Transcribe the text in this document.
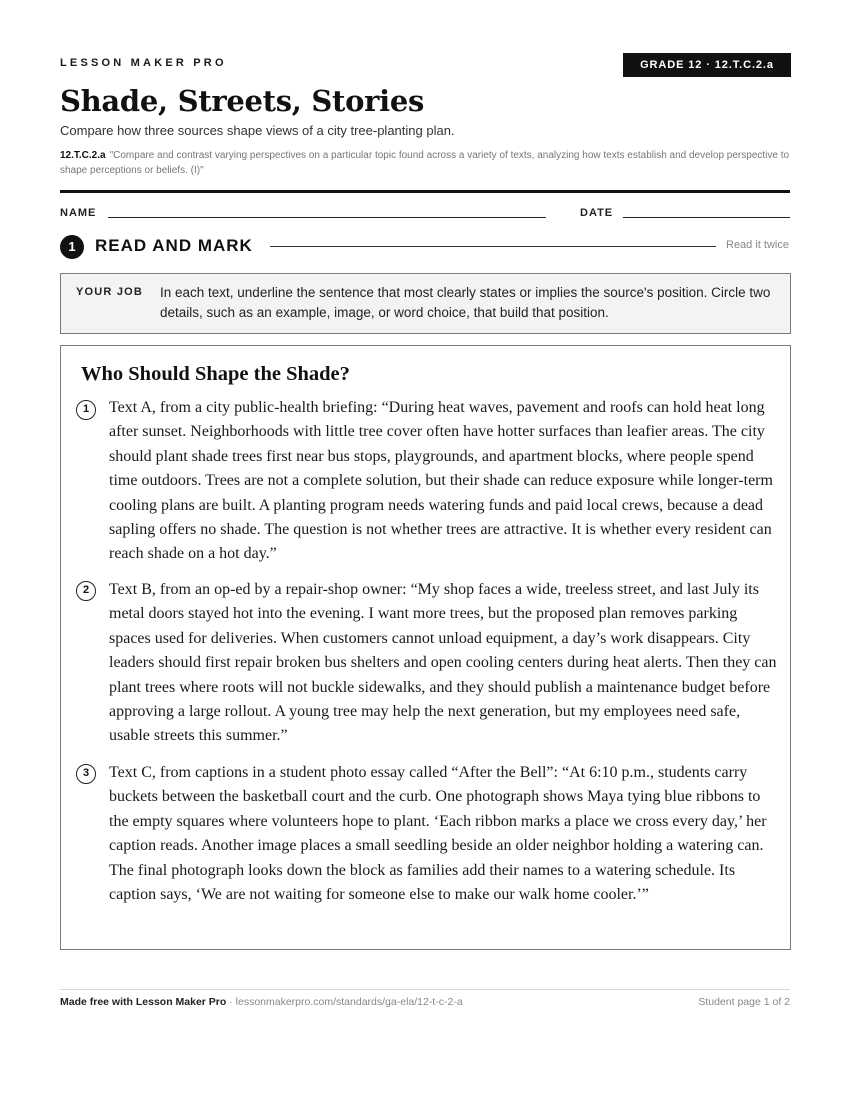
LESSON MAKER PRO	GRADE 12 · 12.T.C.2.a
Shade, Streets, Stories
Compare how three sources shape views of a city tree-planting plan.
12.T.C.2.a "Compare and contrast varying perspectives on a particular topic found across a variety of texts, analyzing how texts establish and develop perspective to shape perceptions or beliefs. (I)"
NAME	DATE
1	READ AND MARK	Read it twice
YOUR JOB In each text, underline the sentence that most clearly states or implies the source's position. Circle two details, such as an example, image, or word choice, that build that position.
Who Should Shape the Shade?
1	Text A, from a city public-health briefing: “During heat waves, pavement and roofs can hold heat long after sunset. Neighborhoods with little tree cover often have hotter surfaces than leafier areas. The city should plant shade trees first near bus stops, playgrounds, and apartment blocks, where people spend time outdoors. Trees are not a complete solution, but their shade can reduce exposure while longer-term cooling plans are built. A planting program needs watering funds and paid local crews, because a dead sapling offers no shade. The question is not whether trees are attractive. It is whether every resident can reach shade on a hot day.”
2	Text B, from an op-ed by a repair-shop owner: “My shop faces a wide, treeless street, and last July its metal doors stayed hot into the evening. I want more trees, but the proposed plan removes parking spaces used for deliveries. When customers cannot unload equipment, a day’s work disappears. City leaders should first repair broken bus shelters and open cooling centers during heat alerts. Then they can plant trees where roots will not buckle sidewalks, and they should publish a maintenance budget before approving a large rollout. A young tree may help the next generation, but my employees need safe, usable streets this summer.”
3	Text C, from captions in a student photo essay called “After the Bell”: “At 6:10 p.m., students carry buckets between the basketball court and the curb. One photograph shows Maya tying blue ribbons to the empty squares where volunteers hope to plant. ‘Each ribbon marks a place we cross every day,’ her caption reads. Another image places a small seedling beside an older neighbor holding a watering can. The final photograph looks down the block as families add their names to a watering schedule. Its caption says, ‘We are not waiting for someone else to make our walk home cooler.’”
Made free with Lesson Maker Pro · lessonmakerpro.com/standards/ga-ela/12-t-c-2-a	Student page 1 of 2
